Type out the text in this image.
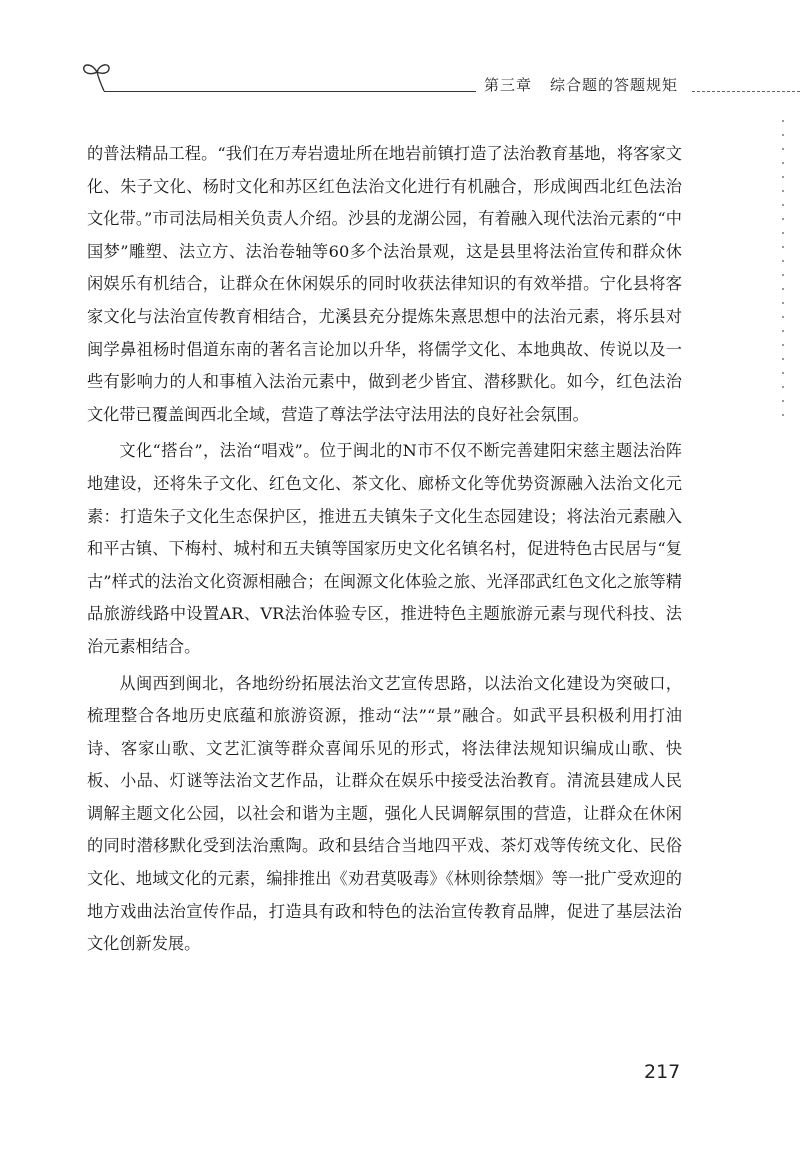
第三章 综合题的答题规矩

的普法精品工程。“我们在万寿岩遗址所在地岩前镇打造了法治教育基地，将客家文化、朱子文化、杨时文化和苏区红色法治文化进行有机融合，形成闽西北红色法治文化带。”市司法局相关负责人介绍。沙县的龙湖公园，有着融入现代法治元素的“中国梦”雕塑、法立方、法治卷轴等60多个法治景观，这是县里将法治宣传和群众休闲娱乐有机结合，让群众在休闲娱乐的同时收获法律知识的有效举措。宁化县将客家文化与法治宣传教育相结合，尤溪县充分提炼朱熹思想中的法治元素，将乐县对闽学鼻祖杨时倡道东南的著名言论加以升华，将儒学文化、本地典故、传说以及一些有影响力的人和事植入法治元素中，做到老少皆宜、潜移默化。如今，红色法治文化带已覆盖闽西北全域，营造了尊法学法守法用法的良好社会氛围。

文化“搭台”，法治“唱戏”。位于闽北的N市不仅不断完善建阳宋慈主题法治阵地建设，还将朱子文化、红色文化、茶文化、廊桥文化等优势资源融入法治文化元素：打造朱子文化生态保护区，推进五夫镇朱子文化生态园建设；将法治元素融入和平古镇、下梅村、城村和五夫镇等国家历史文化名镇名村，促进特色古民居与“复古”样式的法治文化资源相融合；在闽源文化体验之旅、光泽邵武红色文化之旅等精品旅游线路中设置AR、VR法治体验专区，推进特色主题旅游元素与现代科技、法治元素相结合。

从闽西到闽北，各地纷纷拓展法治文艺宣传思路，以法治文化建设为突破口，梳理整合各地历史底蕴和旅游资源，推动“法”“景”融合。如武平县积极利用打油诗、客家山歌、文艺汇演等群众喜闻乐见的形式，将法律法规知识编成山歌、快板、小品、灯谜等法治文艺作品，让群众在娱乐中接受法治教育。清流县建成人民调解主题文化公园，以社会和谐为主题，强化人民调解氛围的营造，让群众在休闲的同时潜移默化受到法治熏陶。政和县结合当地四平戏、茶灯戏等传统文化、民俗文化、地域文化的元素，编排推出《劝君莫吸毒》《林则徐禁烟》等一批广受欢迎的地方戏曲法治宣传作品，打造具有政和特色的法治宣传教育品牌，促进了基层法治文化创新发展。

217
